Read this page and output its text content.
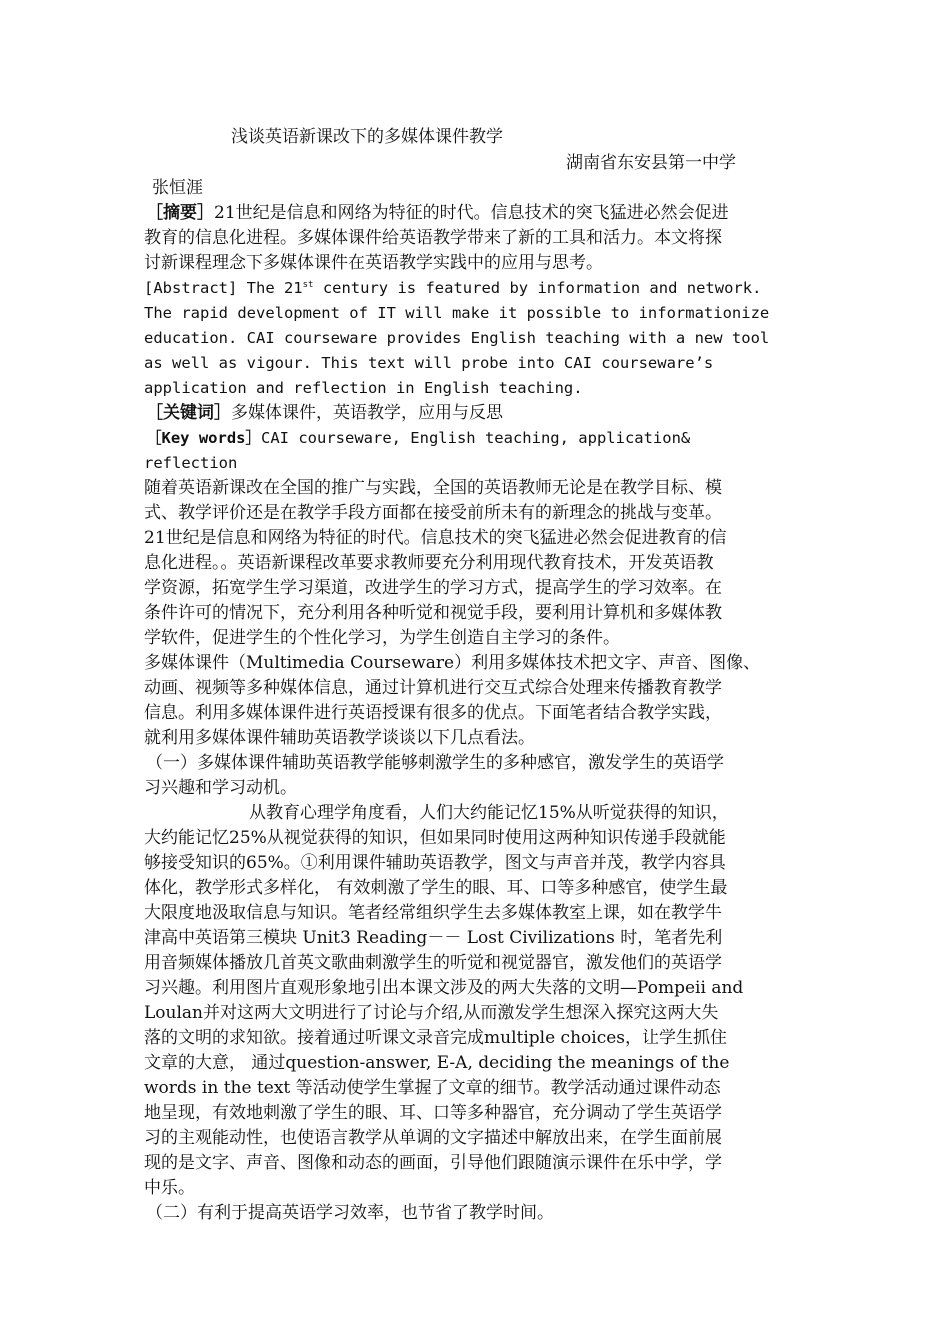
浅谈英语新课改下的多媒体课件教学
湖南省东安县第一中学
张恒涯
［摘要］21世纪是信息和网络为特征的时代。信息技术的突飞猛进必然会促进
教育的信息化进程。多媒体课件给英语教学带来了新的工具和活力。本文将探
讨新课程理念下多媒体课件在英语教学实践中的应用与思考。
[Abstract] The 21st century is featured by information and network.
The rapid development of IT will make it possible to informationize
education. CAI courseware provides English teaching with a new tool
as well as vigour. This text will probe into CAI courseware’s
application and reflection in English teaching.
［关键词］多媒体课件，英语教学，应用与反思
［Key words］CAI courseware, English teaching, application&
reflection
随着英语新课改在全国的推广与实践，全国的英语教师无论是在教学目标、模
式、教学评价还是在教学手段方面都在接受前所未有的新理念的挑战与变革。
21世纪是信息和网络为特征的时代。信息技术的突飞猛进必然会促进教育的信
息化进程。。英语新课程改革要求教师要充分利用现代教育技术，开发英语教
学资源，拓宽学生学习渠道，改进学生的学习方式，提高学生的学习效率。在
条件许可的情况下，充分利用各种听觉和视觉手段，要利用计算机和多媒体教
学软件，促进学生的个性化学习，为学生创造自主学习的条件。
多媒体课件（Multimedia Courseware）利用多媒体技术把文字、声音、图像、
动画、视频等多种媒体信息，通过计算机进行交互式综合处理来传播教育教学
信息。利用多媒体课件进行英语授课有很多的优点。下面笔者结合教学实践，
就利用多媒体课件辅助英语教学谈谈以下几点看法。
（一）多媒体课件辅助英语教学能够刺激学生的多种感官，激发学生的英语学
习兴趣和学习动机。
从教育心理学角度看，人们大约能记忆15%从听觉获得的知识，
大约能记忆25%从视觉获得的知识，但如果同时使用这两种知识传递手段就能
够接受知识的65%。①利用课件辅助英语教学，图文与声音并茂，教学内容具
体化，教学形式多样化， 有效刺激了学生的眼、耳、口等多种感官，使学生最
大限度地汲取信息与知识。笔者经常组织学生去多媒体教室上课，如在教学牛
津高中英语第三模块 Unit3 Reading－－ Lost Civilizations 时，笔者先利
用音频媒体播放几首英文歌曲刺激学生的听觉和视觉器官，激发他们的英语学
习兴趣。利用图片直观形象地引出本课文涉及的两大失落的文明—Pompeii and
Loulan并对这两大文明进行了讨论与介绍,从而激发学生想深入探究这两大失
落的文明的求知欲。接着通过听课文录音完成multiple choices，让学生抓住
文章的大意， 通过question-answer, E-A, deciding the meanings of the
words in the text 等活动使学生掌握了文章的细节。教学活动通过课件动态
地呈现，有效地刺激了学生的眼、耳、口等多种器官，充分调动了学生英语学
习的主观能动性，也使语言教学从单调的文字描述中解放出来，在学生面前展
现的是文字、声音、图像和动态的画面，引导他们跟随演示课件在乐中学，学
中乐。
（二）有利于提高英语学习效率，也节省了教学时间。
